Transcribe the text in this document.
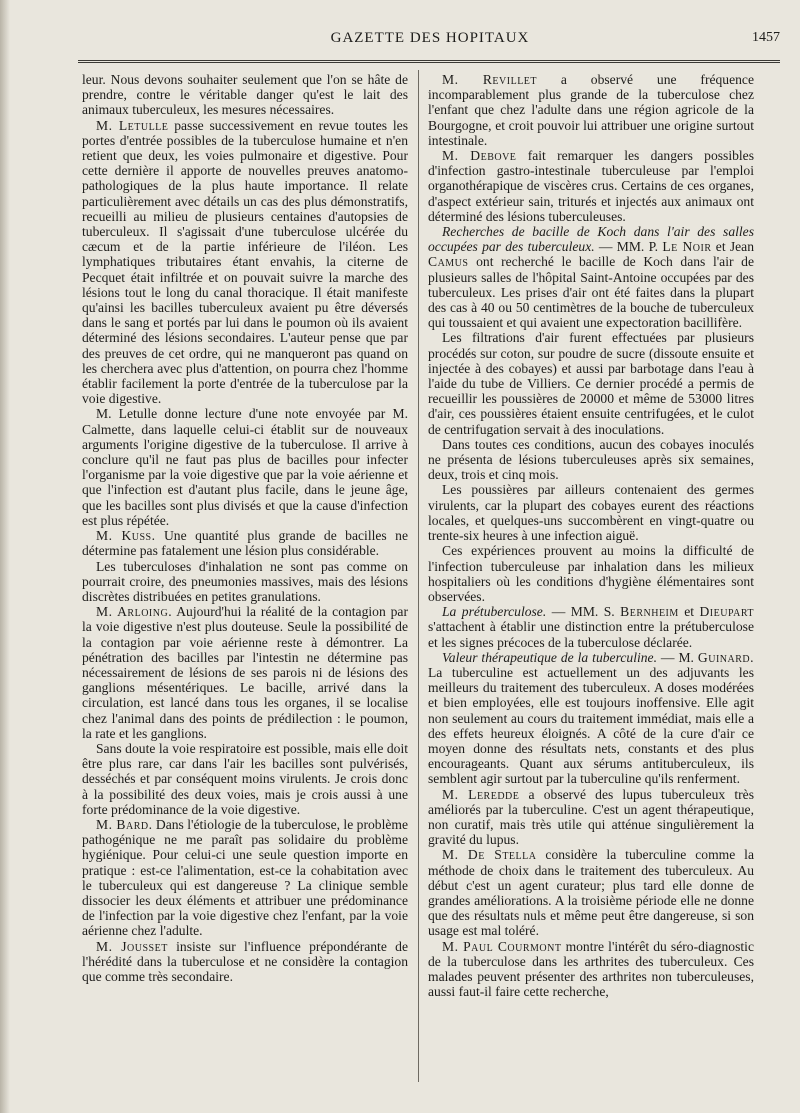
GAZETTE DES HOPITAUX	1457

leur. Nous devons souhaiter seulement que l'on se hâte de prendre, contre le véritable danger qu'est le lait des animaux tuberculeux, les mesures nécessaires.

M. Letulle passe successivement en revue toutes les portes d'entrée possibles de la tuberculose humaine et n'en retient que deux, les voies pulmonaire et digestive. Pour cette dernière il apporte de nouvelles preuves anatomo-pathologiques de la plus haute importance. Il relate particulièrement avec détails un cas des plus démonstratifs, recueilli au milieu de plusieurs centaines d'autopsies de tuberculeux. Il s'agissait d'une tuberculose ulcérée du cæcum et de la partie inférieure de l'iléon. Les lymphatiques tributaires étant envahis, la citerne de Pecquet était infiltrée et on pouvait suivre la marche des lésions tout le long du canal thoracique. Il était manifeste qu'ainsi les bacilles tuberculeux avaient pu être déversés dans le sang et portés par lui dans le poumon où ils avaient déterminé des lésions secondaires. L'auteur pense que par des preuves de cet ordre, qui ne manqueront pas quand on les cherchera avec plus d'attention, on pourra chez l'homme établir facilement la porte d'entrée de la tuberculose par la voie digestive.

M. Letulle donne lecture d'une note envoyée par M. Calmette, dans laquelle celui-ci établit sur de nouveaux arguments l'origine digestive de la tuberculose. Il arrive à conclure qu'il ne faut pas plus de bacilles pour infecter l'organisme par la voie digestive que par la voie aérienne et que l'infection est d'autant plus facile, dans le jeune âge, que les bacilles sont plus divisés et que la cause d'infection est plus répétée.

M. Kuss. Une quantité plus grande de bacilles ne détermine pas fatalement une lésion plus considérable.

Les tuberculoses d'inhalation ne sont pas comme on pourrait croire, des pneumonies massives, mais des lésions discrètes distribuées en petites granulations.

M. Arloing. Aujourd'hui la réalité de la contagion par la voie digestive n'est plus douteuse. Seule la possibilité de la contagion par voie aérienne reste à démontrer. La pénétration des bacilles par l'intestin ne détermine pas nécessairement de lésions de ses parois ni de lésions des ganglions mésentériques. Le bacille, arrivé dans la circulation, est lancé dans tous les organes, il se localise chez l'animal dans des points de prédilection : le poumon, la rate et les ganglions.

Sans doute la voie respiratoire est possible, mais elle doit être plus rare, car dans l'air les bacilles sont pulvérisés, desséchés et par conséquent moins virulents. Je crois donc à la possibilité des deux voies, mais je crois aussi à une forte prédominance de la voie digestive.

M. Bard. Dans l'étiologie de la tuberculose, le problème pathogénique ne me paraît pas solidaire du problème hygiénique. Pour celui-ci une seule question importe en pratique : est-ce l'alimentation, est-ce la cohabitation avec le tuberculeux qui est dangereuse ? La clinique semble dissocier les deux éléments et attribuer une prédominance de l'infection par la voie digestive chez l'enfant, par la voie aérienne chez l'adulte.

M. Jousset insiste sur l'influence prépondérante de l'hérédité dans la tuberculose et ne considère la contagion que comme très secondaire.

M. Revillet a observé une fréquence incomparablement plus grande de la tuberculose chez l'enfant que chez l'adulte dans une région agricole de la Bourgogne, et croit pouvoir lui attribuer une origine surtout intestinale.

M. Debove fait remarquer les dangers possibles d'infection gastro-intestinale tuberculeuse par l'emploi organothérapique de viscères crus. Certains de ces organes, d'aspect extérieur sain, triturés et injectés aux animaux ont déterminé des lésions tuberculeuses.

Recherches de bacille de Koch dans l'air des salles occupées par des tuberculeux. — MM. P. Le Noir et Jean Camus ont recherché le bacille de Koch dans l'air de plusieurs salles de l'hôpital Saint-Antoine occupées par des tuberculeux. Les prises d'air ont été faites dans la plupart des cas à 40 ou 50 centimètres de la bouche de tuberculeux qui toussaient et qui avaient une expectoration bacillifère.

Les filtrations d'air furent effectuées par plusieurs procédés sur coton, sur poudre de sucre (dissoute ensuite et injectée à des cobayes) et aussi par barbotage dans l'eau à l'aide du tube de Villiers. Ce dernier procédé a permis de recueillir les poussières de 20000 et même de 53000 litres d'air, ces poussières étaient ensuite centrifugées, et le culot de centrifugation servait à des inoculations.

Dans toutes ces conditions, aucun des cobayes inoculés ne présenta de lésions tuberculeuses après six semaines, deux, trois et cinq mois.

Les poussières par ailleurs contenaient des germes virulents, car la plupart des cobayes eurent des réactions locales, et quelques-uns succombèrent en vingt-quatre ou trente-six heures à une infection aiguë.

Ces expériences prouvent au moins la difficulté de l'infection tuberculeuse par inhalation dans les milieux hospitaliers où les conditions d'hygiène élémentaires sont observées.

La prétuberculose. — MM. S. Bernheim et Dieupart s'attachent à établir une distinction entre la prétuberculose et les signes précoces de la tuberculose déclarée.

Valeur thérapeutique de la tuberculine. — M. Guinard. La tuberculine est actuellement un des adjuvants les meilleurs du traitement des tuberculeux. A doses modérées et bien employées, elle est toujours inoffensive. Elle agit non seulement au cours du traitement immédiat, mais elle a des effets heureux éloignés. A côté de la cure d'air ce moyen donne des résultats nets, constants et des plus encourageants. Quant aux sérums antituberculeux, ils semblent agir surtout par la tuberculine qu'ils renferment.

M. Leredde a observé des lupus tuberculeux très améliorés par la tuberculine. C'est un agent thérapeutique, non curatif, mais très utile qui atténue singulièrement la gravité du lupus.

M. De Stella considère la tuberculine comme la méthode de choix dans le traitement des tuberculeux. Au début c'est un agent curateur; plus tard elle donne de grandes améliorations. A la troisième période elle ne donne que des résultats nuls et même peut être dangereuse, si son usage est mal toléré.

M. Paul Courmont montre l'intérêt du séro-diagnostic de la tuberculose dans les arthrites des tuberculeux. Ces malades peuvent présenter des arthrites non tuberculeuses, aussi faut-il faire cette recherche,
